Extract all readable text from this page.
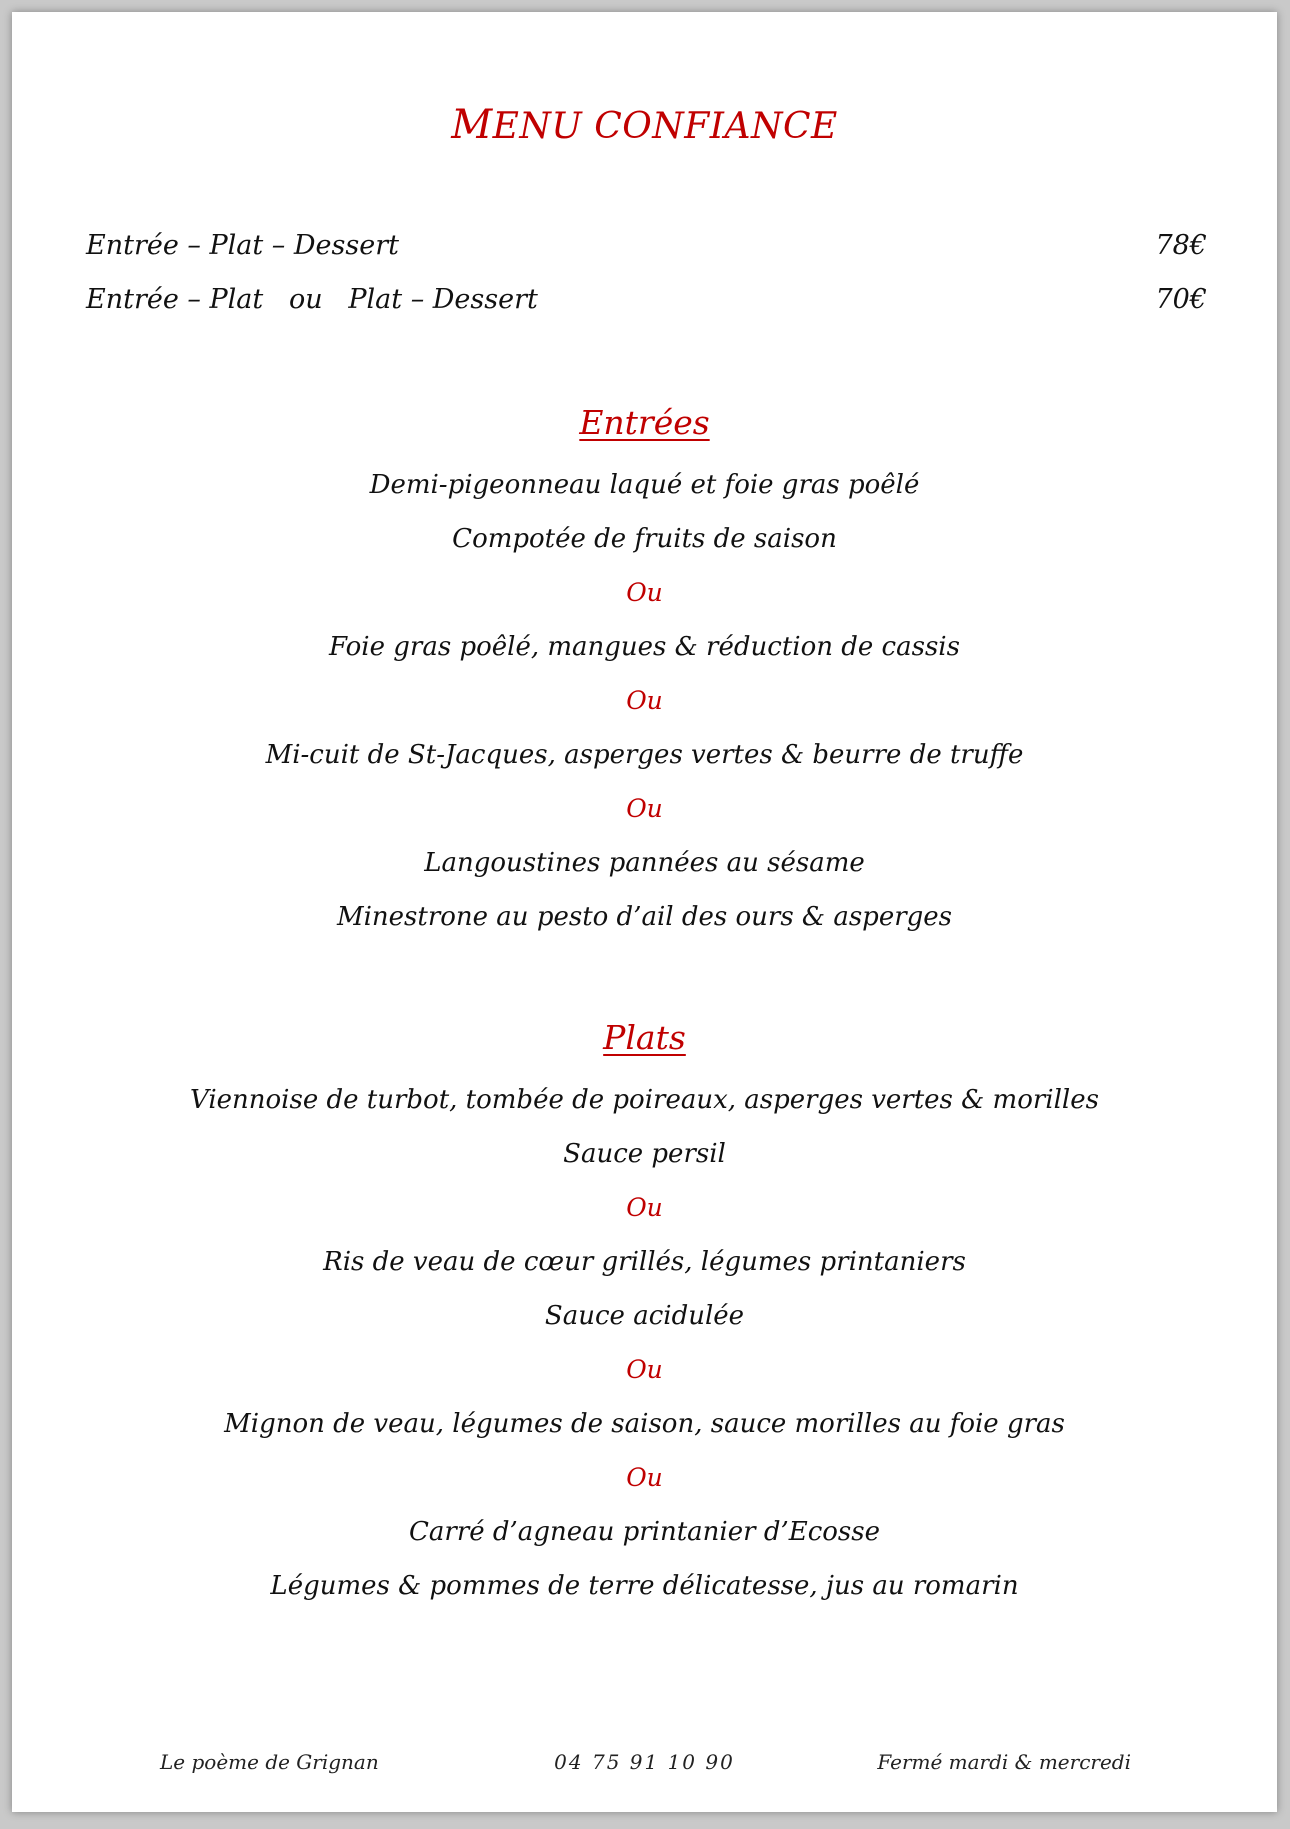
MENU CONFIANCE
Entrée – Plat – Dessert	78€
Entrée – Plat   ou   Plat – Dessert	70€
Entrées
Demi-pigeonneau laqué et foie gras poêlé
Compotée de fruits de saison
Ou
Foie gras poêlé, mangues & réduction de cassis
Ou
Mi-cuit de St-Jacques, asperges vertes & beurre de truffe
Ou
Langoustines pannées au sésame
Minestrone au pesto d’ail des ours & asperges
Plats
Viennoise de turbot, tombée de poireaux, asperges vertes & morilles
Sauce persil
Ou
Ris de veau de cœur grillés, légumes printaniers
Sauce acidulée
Ou
Mignon de veau, légumes de saison, sauce morilles au foie gras
Ou
Carré d’agneau printanier d’Ecosse
Légumes & pommes de terre délicatesse, jus au romarin
Le poème de Grignan	04 75 91 10 90	Fermé mardi & mercredi
